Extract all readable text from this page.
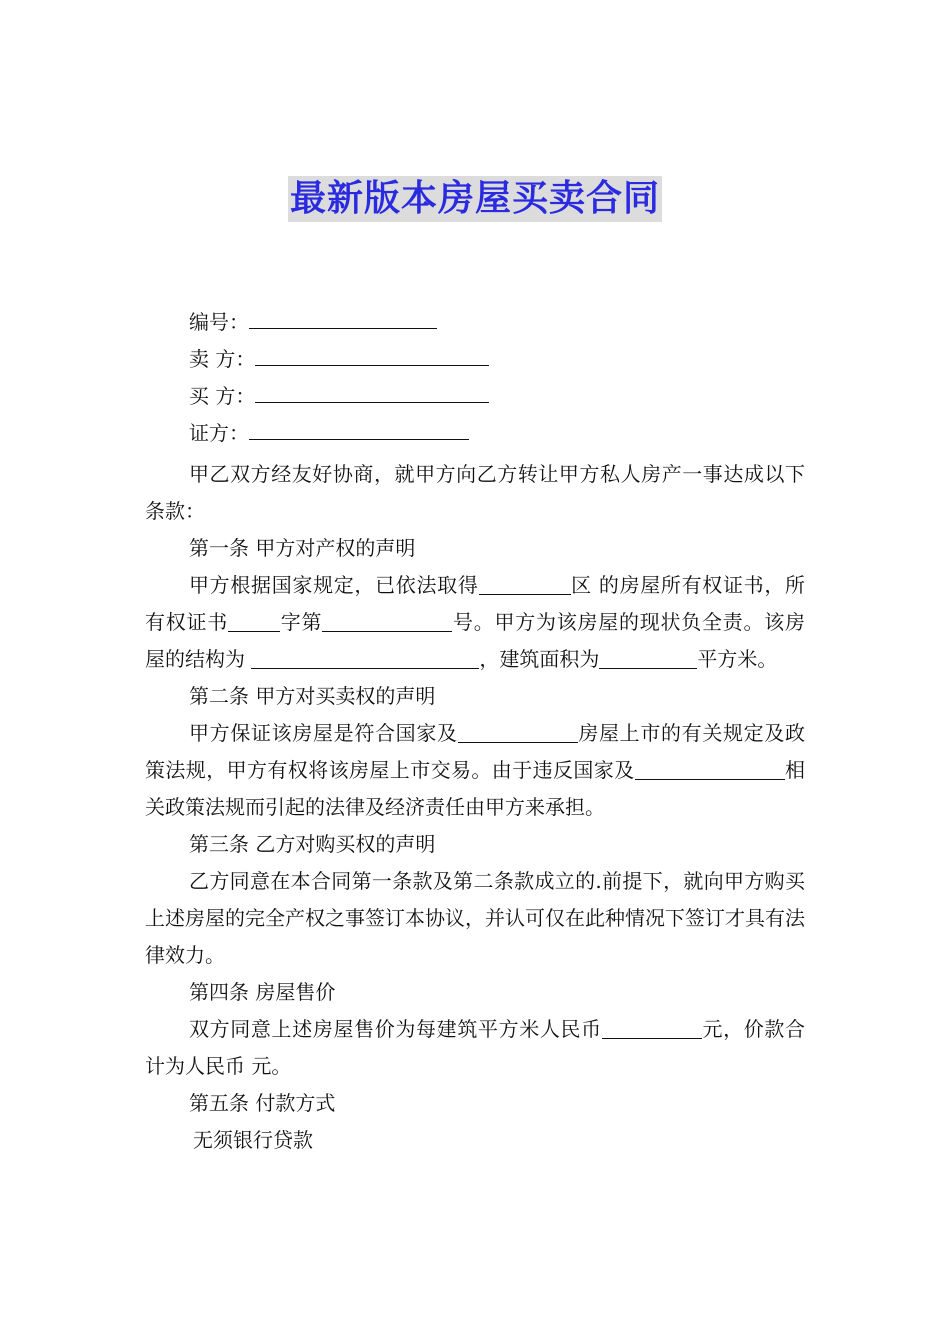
最新版本房屋买卖合同
编号：
卖 方：
买 方：
证方：

甲乙双方经友好协商，就甲方向乙方转让甲方私人房产一事达成以下条款：

第一条 甲方对产权的声明

甲方根据国家规定，已依法取得	区 的房屋所有权证书，所有权证书	字第	号。甲方为该房屋的现状负全责。该房屋的结构为	，建筑面积为	平方米。

第二条 甲方对买卖权的声明

甲方保证该房屋是符合国家及	房屋上市的有关规定及政策法规，甲方有权将该房屋上市交易。由于违反国家及	相关政策法规而引起的法律及经济责任由甲方来承担。

第三条 乙方对购买权的声明

乙方同意在本合同第一条款及第二条款成立的.前提下，就向甲方购买上述房屋的完全产权之事签订本协议，并认可仅在此种情况下签订才具有法律效力。

第四条 房屋售价

双方同意上述房屋售价为每建筑平方米人民币	元，价款合计为人民币 元。

第五条 付款方式

无须银行贷款
